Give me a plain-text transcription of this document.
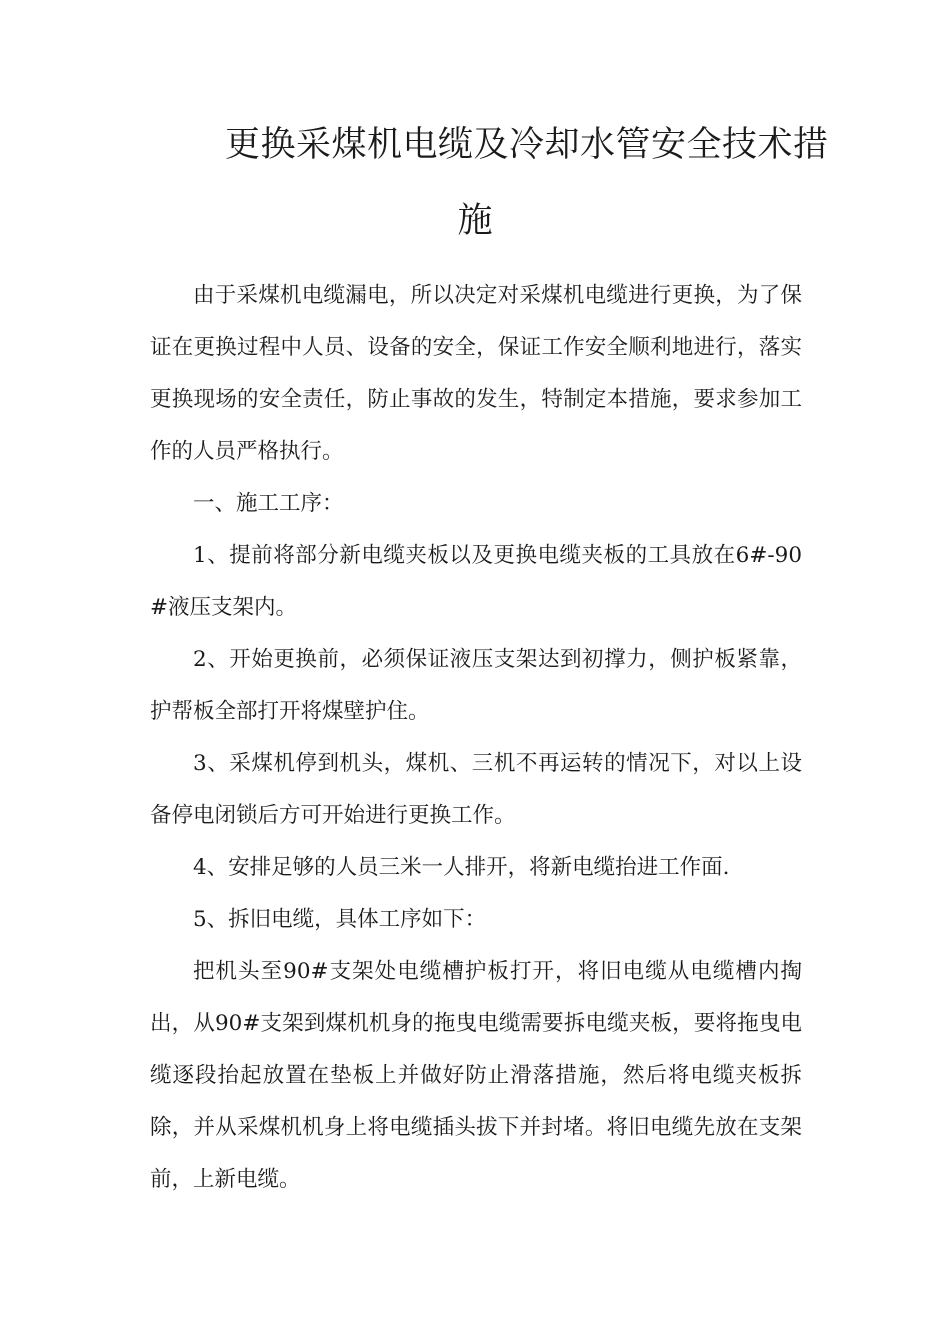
更换采煤机电缆及冷却水管安全技术措
施

由于采煤机电缆漏电，所以决定对采煤机电缆进行更换，为了保证在更换过程中人员、设备的安全，保证工作安全顺利地进行，落实更换现场的安全责任，防止事故的发生，特制定本措施，要求参加工作的人员严格执行。

一、施工工序：

1、提前将部分新电缆夹板以及更换电缆夹板的工具放在6#-90#液压支架内。

2、开始更换前，必须保证液压支架达到初撑力，侧护板紧靠，护帮板全部打开将煤壁护住。

3、采煤机停到机头，煤机、三机不再运转的情况下，对以上设备停电闭锁后方可开始进行更换工作。

4、安排足够的人员三米一人排开，将新电缆抬进工作面.

5、拆旧电缆，具体工序如下：

把机头至90#支架处电缆槽护板打开，将旧电缆从电缆槽内掏出，从90#支架到煤机机身的拖曳电缆需要拆电缆夹板，要将拖曳电缆逐段抬起放置在垫板上并做好防止滑落措施，然后将电缆夹板拆除，并从采煤机机身上将电缆插头拔下并封堵。将旧电缆先放在支架前，上新电缆。
